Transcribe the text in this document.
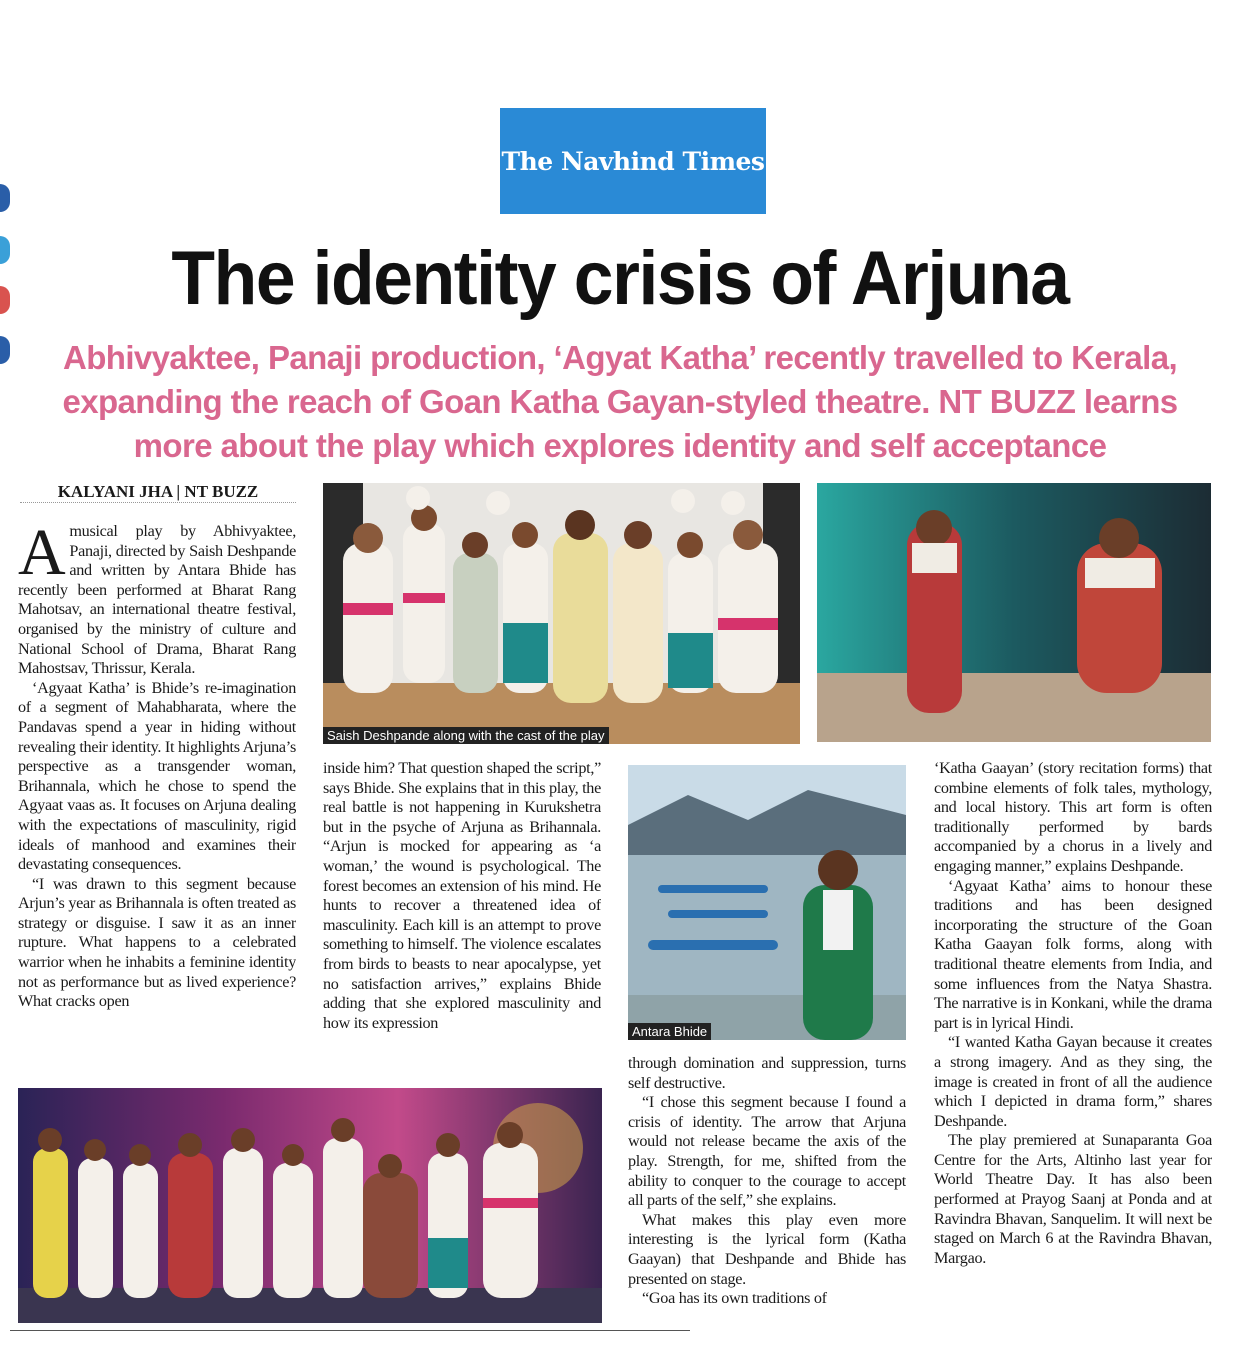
The Navhind Times
The identity crisis of Arjuna
Abhivyaktee, Panaji production, ‘Agyat Katha’ recently travelled to Kerala, expanding the reach of Goan Katha Gayan-styled theatre. NT BUZZ learns more about the play which explores identity and self acceptance
KALYANI JHA | NT BUZZ

Amusical play by Abhivyaktee, Panaji, directed by Saish Deshpande and written by Antara Bhide has recently been performed at Bharat Rang Mahotsav, an international theatre festival, organised by the ministry of culture and National School of Drama, Bharat Rang Mahostsav, Thrissur, Kerala.

‘Agyaat Katha’ is Bhide’s re-imagination of a segment of Mahabharata, where the Pandavas spend a year in hiding without revealing their identity. It highlights Arjuna’s perspective as a transgender woman, Brihannala, which he chose to spend the Agyaat vaas as. It focuses on Arjuna dealing with the expectations of masculinity, rigid ideals of manhood and examines their devastating consequences.

“I was drawn to this segment because Arjun’s year as Brihannala is often treated as strategy or disguise. I saw it as an inner rupture. What happens to a celebrated warrior when he inhabits a feminine identity not as performance but as lived experience? What cracks open

Saish Deshpande along with the cast of the play

inside him? That question shaped the script,” says Bhide. She explains that in this play, the real battle is not happening in Kurukshetra but in the psyche of Arjuna as Brihannala. “Arjun is mocked for appearing as ‘a woman,’ the wound is psychological. The forest becomes an extension of his mind. He hunts to recover a threatened idea of masculinity. Each kill is an attempt to prove something to himself. The violence escalates from birds to beasts to near apocalypse, yet no satisfaction arrives,” explains Bhide adding that she explored masculinity and how its expression	Antara Bhide

through domination and suppression, turns self destructive.

“I chose this segment because I found a crisis of identity. The arrow that Arjuna would not release became the axis of the play. Strength, for me, shifted from the ability to conquer to the courage to accept all parts of the self,” she explains.

What makes this play even more interesting is the lyrical form (Katha Gaayan) that Deshpande and Bhide has presented on stage.

“Goa has its own traditions of

‘Katha Gaayan’ (story recitation forms) that combine elements of folk tales, mythology, and local history. This art form is often traditionally performed by bards accompanied by a chorus in a lively and engaging manner,” explains Deshpande.

‘Agyaat Katha’ aims to honour these traditions and has been designed incorporating the structure of the Goan Katha Gaayan folk forms, along with traditional theatre elements from India, and some influences from the Natya Shastra. The narrative is in Konkani, while the drama part is in lyrical Hindi.

“I wanted Katha Gayan because it creates a strong imagery. And as they sing, the image is created in front of all the audience which I depicted in drama form,” shares Deshpande.

The play premiered at Sunaparanta Goa Centre for the Arts, Altinho last year for World Theatre Day. It has also been performed at Prayog Saanj at Ponda and at Ravindra Bhavan, Sanquelim. It will next be staged on March 6 at the Ravindra Bhavan, Margao.
